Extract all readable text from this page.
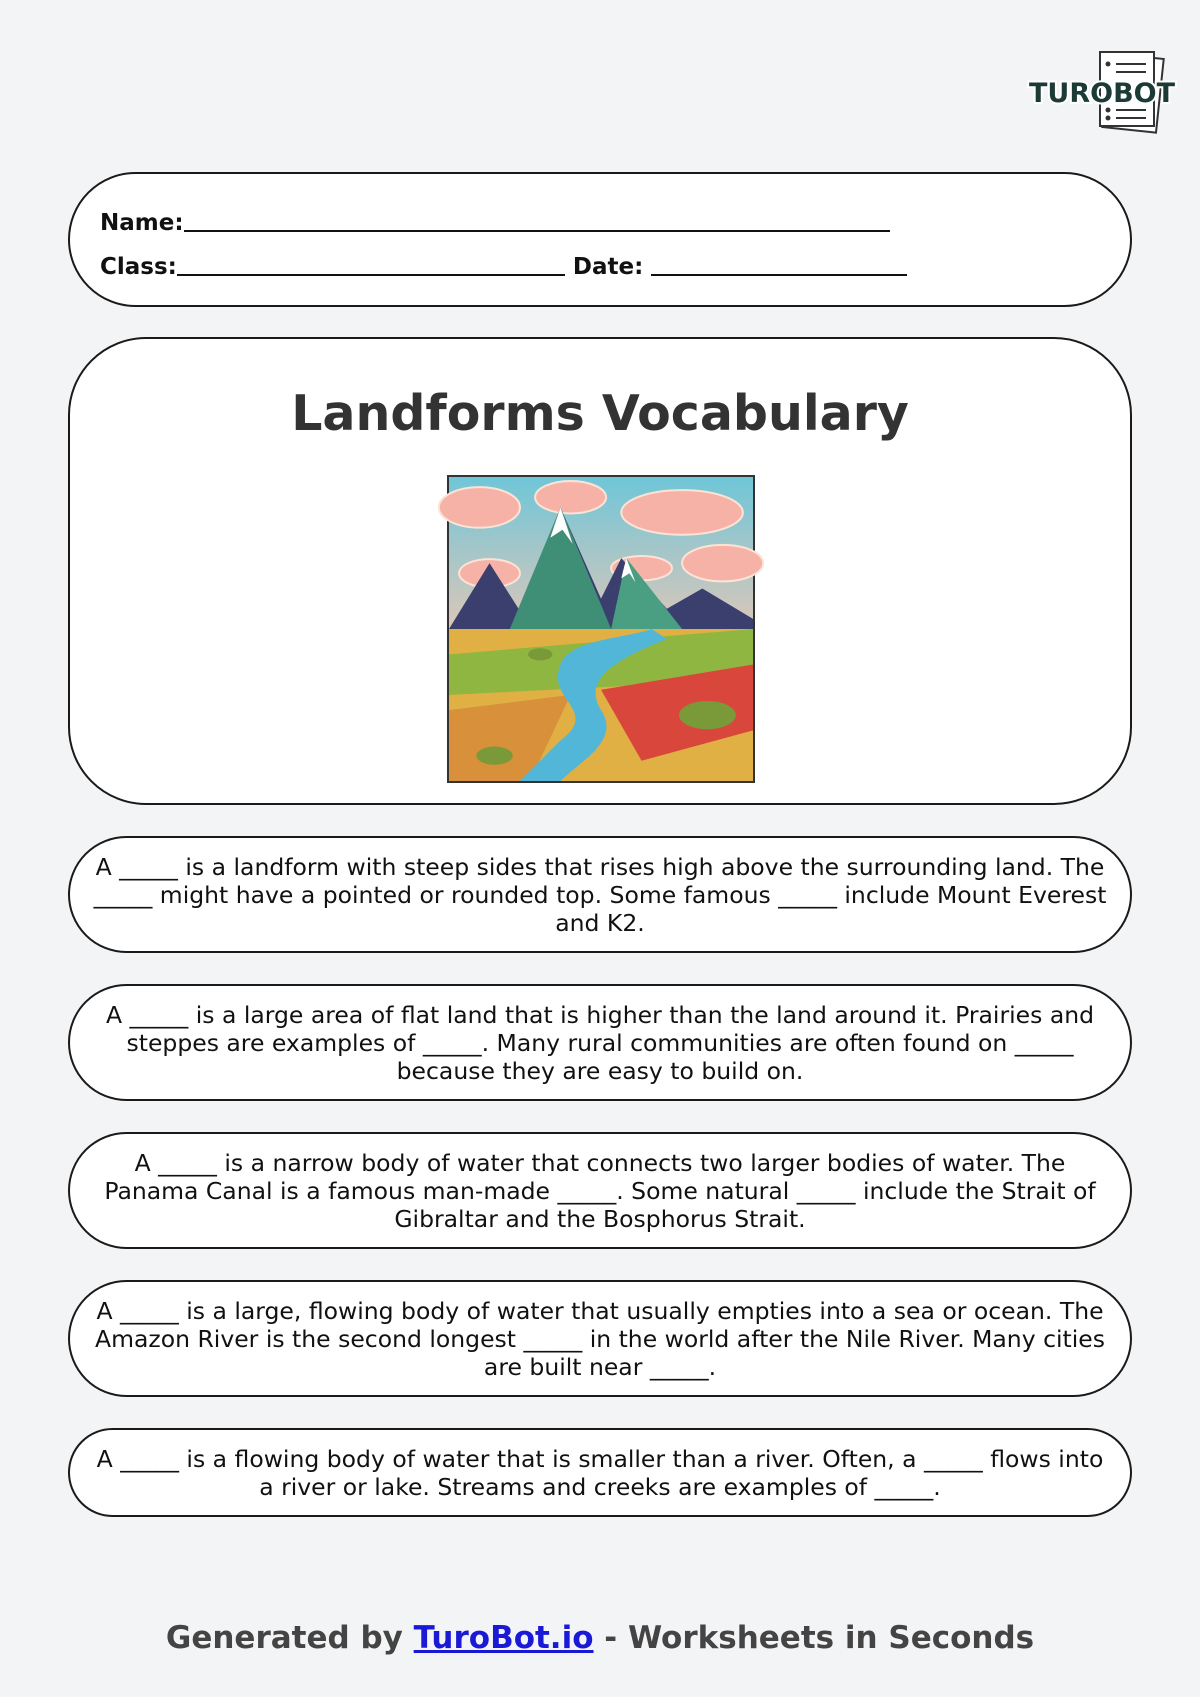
TUROBOT
Name:
Class:	Date:
Landforms Vocabulary
A _____ is a landform with steep sides that rises high above the surrounding land. The _____ might have a pointed or rounded top. Some famous _____ include Mount Everest and K2.
A _____ is a large area of flat land that is higher than the land around it. Prairies and steppes are examples of _____. Many rural communities are often found on _____ because they are easy to build on.
A _____ is a narrow body of water that connects two larger bodies of water. The Panama Canal is a famous man-made _____. Some natural _____ include the Strait of Gibraltar and the Bosphorus Strait.
A _____ is a large, flowing body of water that usually empties into a sea or ocean. The Amazon River is the second longest _____ in the world after the Nile River. Many cities are built near _____.
A _____ is a flowing body of water that is smaller than a river. Often, a _____ flows into a river or lake. Streams and creeks are examples of _____.
Generated by TuroBot.io - Worksheets in Seconds
